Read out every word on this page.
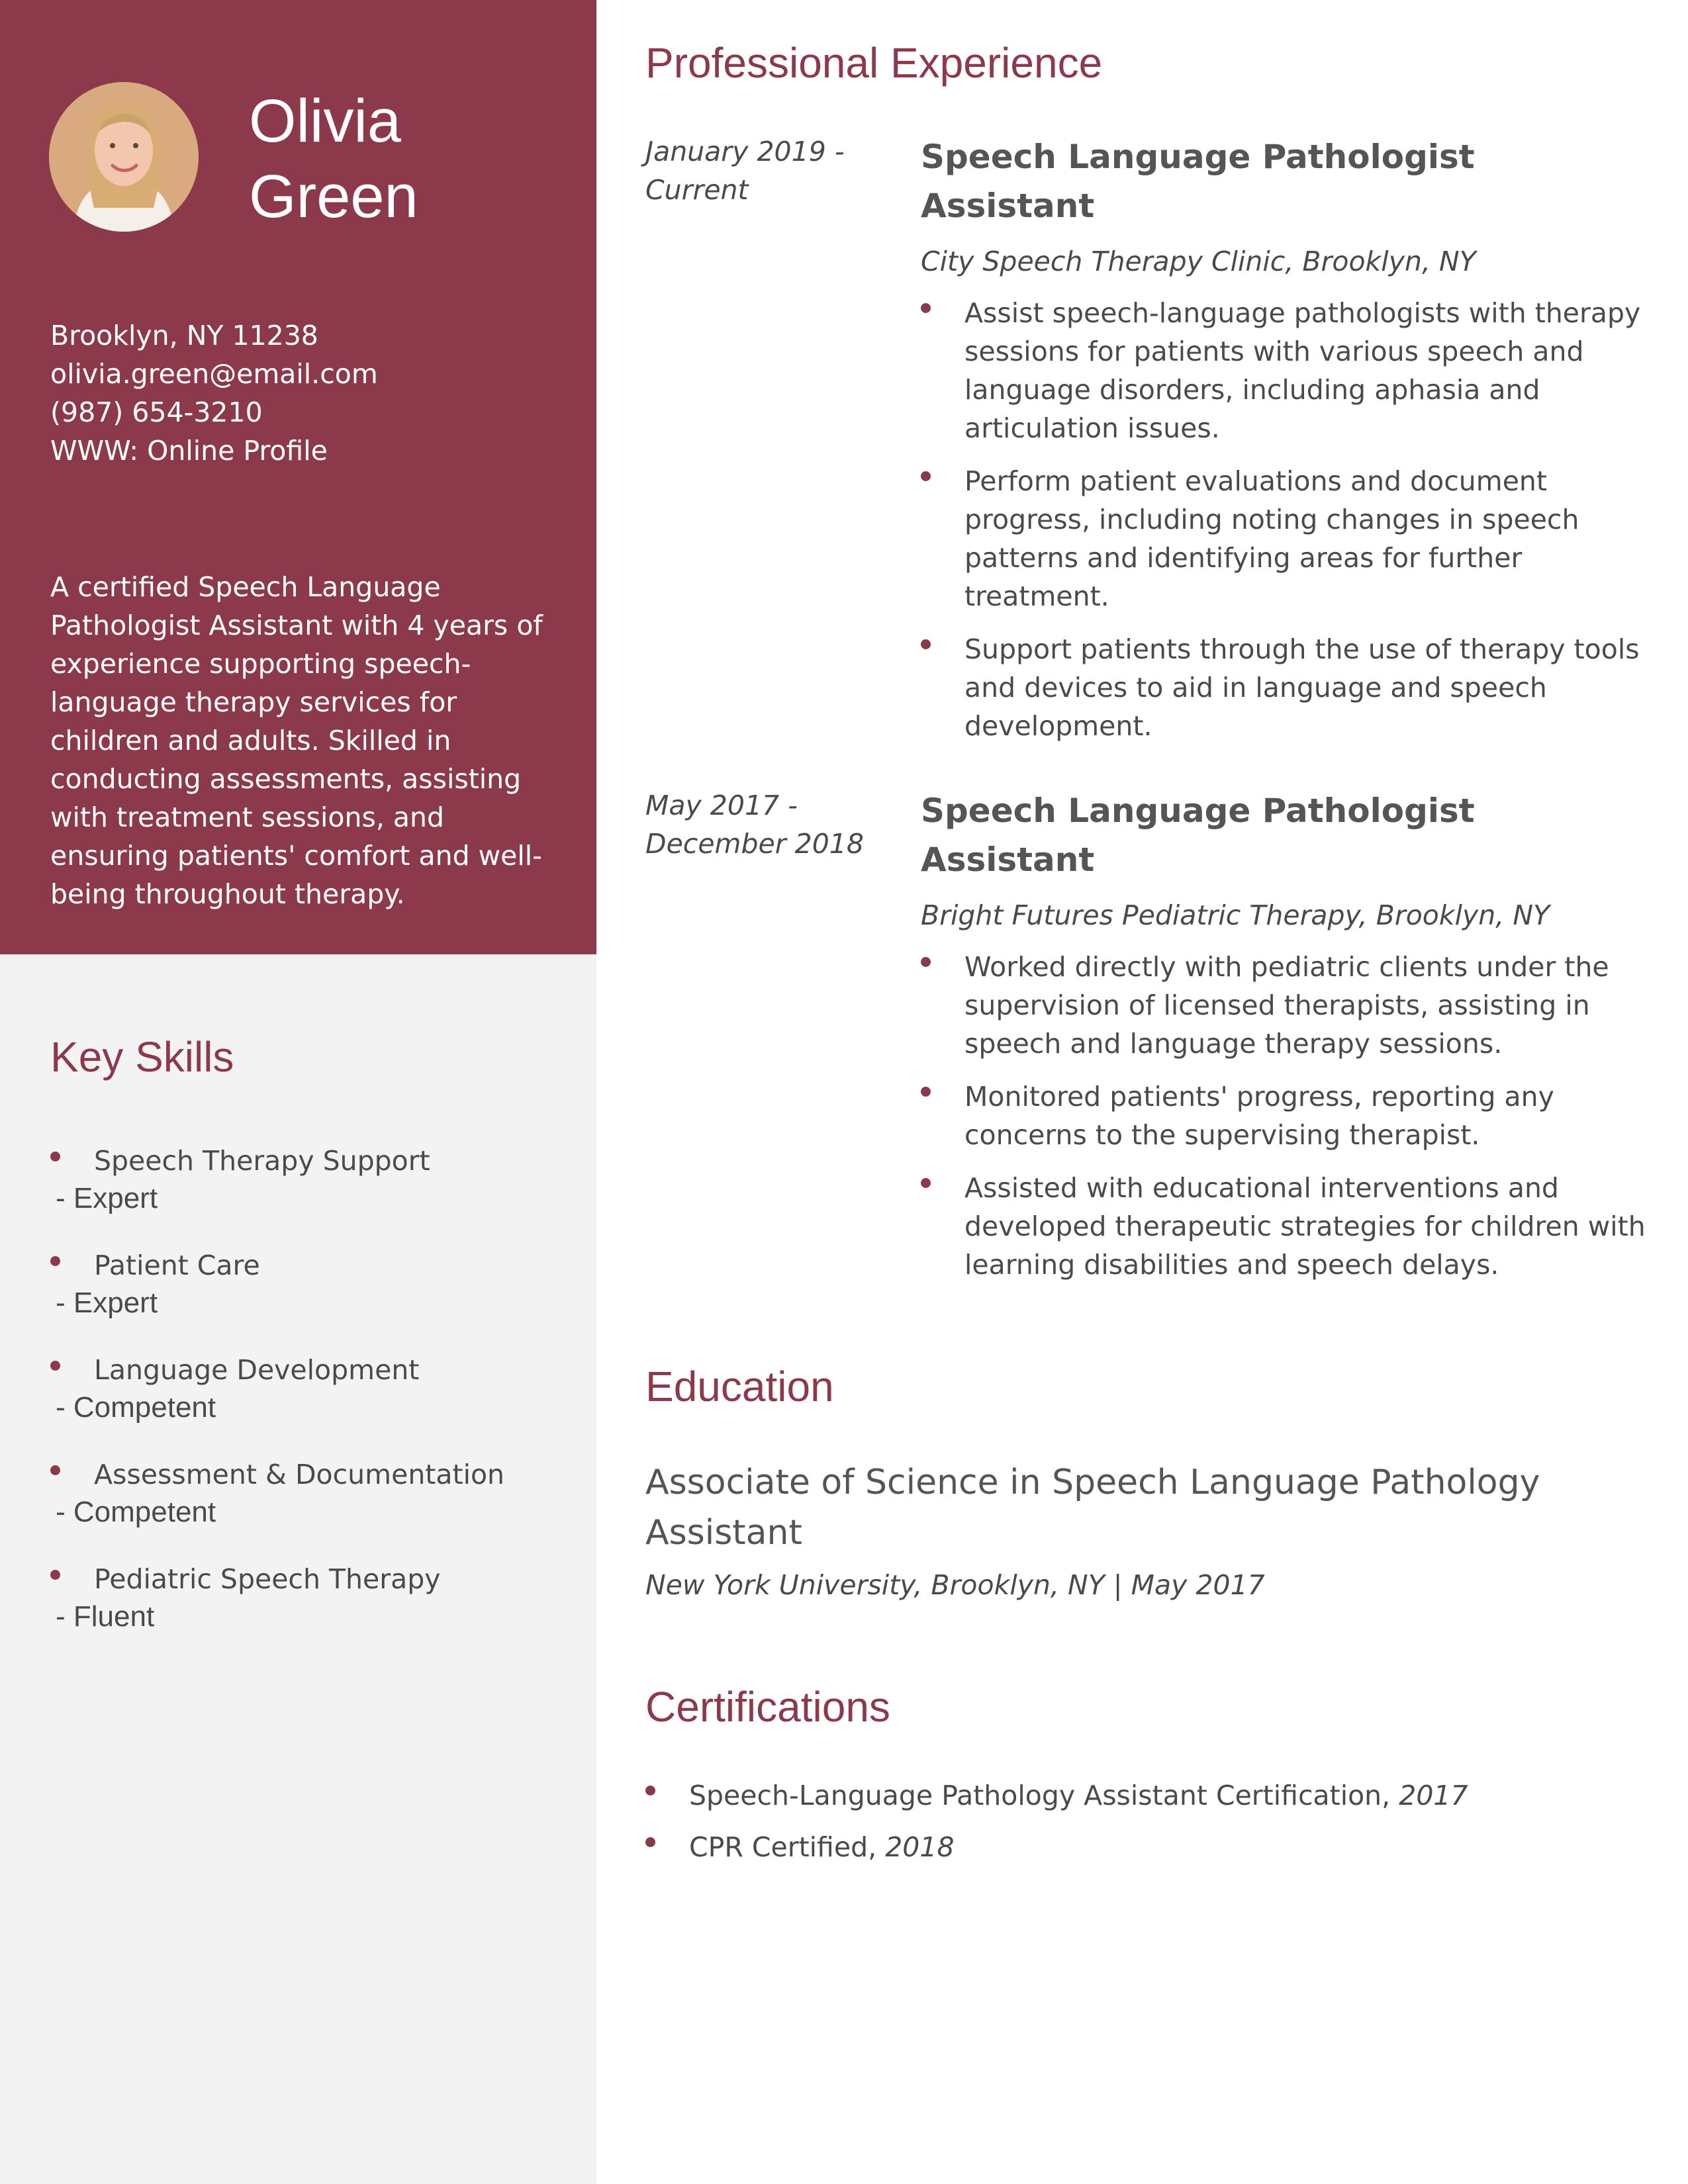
Olivia
Green
Brooklyn, NY 11238
olivia.green@email.com
(987) 654-3210
WWW: Online Profile
A certified Speech Language Pathologist Assistant with 4 years of experience supporting speech-language therapy services for children and adults. Skilled in conducting assessments, assisting with treatment sessions, and ensuring patients' comfort and well-being throughout therapy.
Key Skills
Speech Therapy Support
- Expert
Patient Care
- Expert
Language Development
- Competent
Assessment & Documentation
- Competent
Pediatric Speech Therapy
- Fluent
Professional Experience
January 2019 - Current
Speech Language Pathologist Assistant
City Speech Therapy Clinic, Brooklyn, NY
Assist speech-language pathologists with therapy sessions for patients with various speech and language disorders, including aphasia and articulation issues.
Perform patient evaluations and document progress, including noting changes in speech patterns and identifying areas for further treatment.
Support patients through the use of therapy tools and devices to aid in language and speech development.
May 2017 - December 2018
Speech Language Pathologist Assistant
Bright Futures Pediatric Therapy, Brooklyn, NY
Worked directly with pediatric clients under the supervision of licensed therapists, assisting in speech and language therapy sessions.
Monitored patients' progress, reporting any concerns to the supervising therapist.
Assisted with educational interventions and developed therapeutic strategies for children with learning disabilities and speech delays.
Education
Associate of Science in Speech Language Pathology Assistant
New York University, Brooklyn, NY | May 2017
Certifications
Speech-Language Pathology Assistant Certification, 2017
CPR Certified, 2018
